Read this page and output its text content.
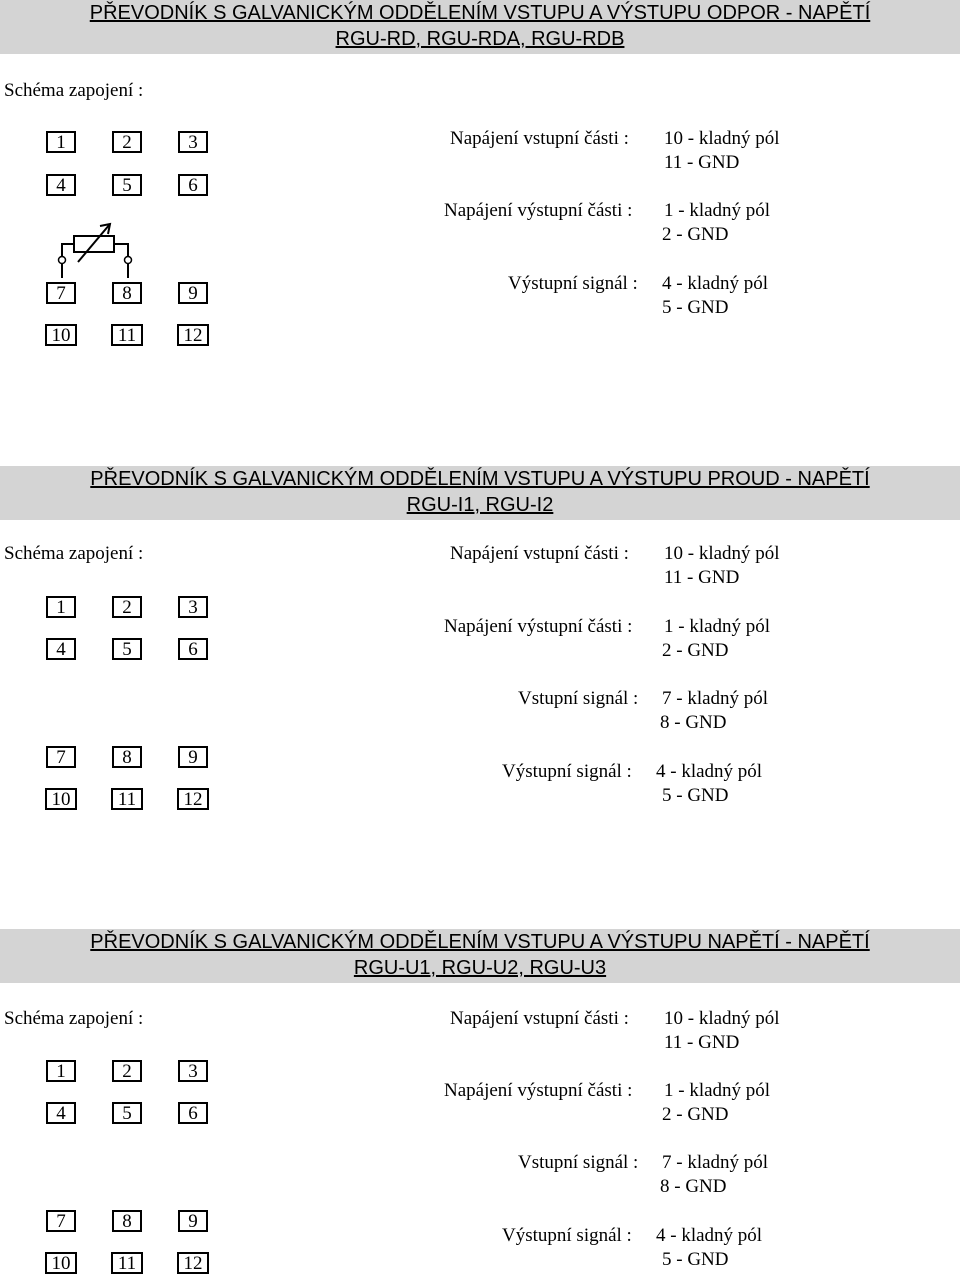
PŘEVODNÍK S GALVANICKÝM ODDĚLENÍM VSTUPU A VÝSTUPU ODPOR - NAPĚTÍ
RGU-RD, RGU-RDA, RGU-RDB
Schéma zapojení :
1	2	3
4	5	6
7	8	9
10	11	12
Napájení vstupní části : 10 - kladný pól
11 - GND
Napájení výstupní části : 1 - kladný pól
2 - GND
Výstupní signál : 4 - kladný pól
5 - GND
PŘEVODNÍK S GALVANICKÝM ODDĚLENÍM VSTUPU A VÝSTUPU PROUD - NAPĚTÍ
RGU-I1, RGU-I2
Schéma zapojení :
1	2	3
4	5	6
7	8	9
10	11	12
Napájení vstupní části : 10 - kladný pól
11 - GND
Napájení výstupní části : 1 - kladný pól
2 - GND
Vstupní signál : 7 - kladný pól
8 - GND
Výstupní signál : 4 - kladný pól
5 - GND
PŘEVODNÍK S GALVANICKÝM ODDĚLENÍM VSTUPU A VÝSTUPU NAPĚTÍ - NAPĚTÍ
RGU-U1, RGU-U2, RGU-U3
Schéma zapojení :
1	2	3
4	5	6
7	8	9
10	11	12
Napájení vstupní části : 10 - kladný pól
11 - GND
Napájení výstupní části : 1 - kladný pól
2 - GND
Vstupní signál : 7 - kladný pól
8 - GND
Výstupní signál : 4 - kladný pól
5 - GND
